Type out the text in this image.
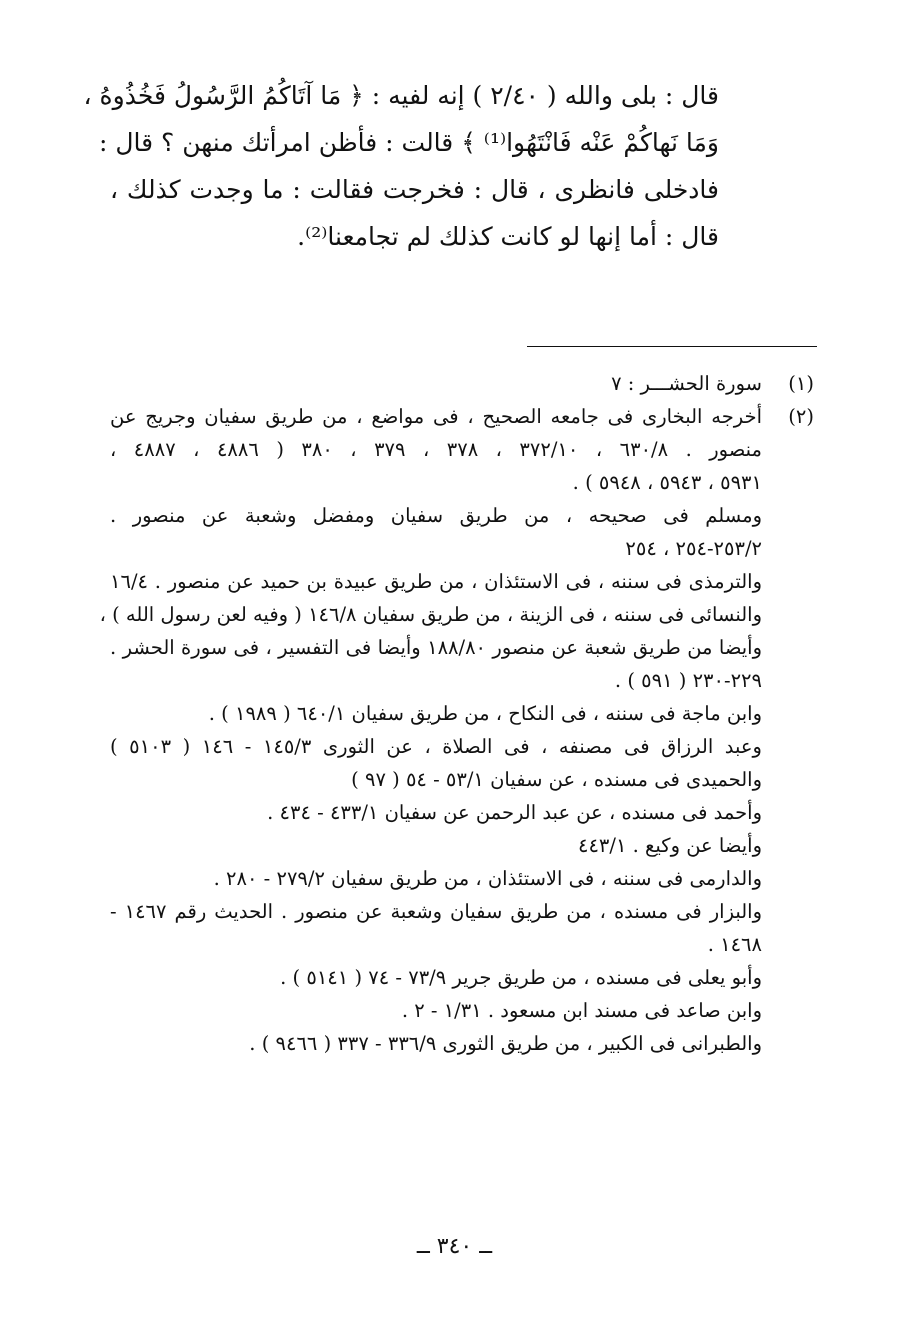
قال : بلى والله ( ٢/٤٠ ) إنه لفيه : ﴿ مَا آتَاكُمُ الرَّسُولُ فَخُذُوهُ ،
وَمَا نَهاكُمْ عَنْه فَانْتَهُوا⁽¹⁾ ﴾ قالت : فأظن امرأتك منهن ؟ قال :
فادخلى فانظرى ، قال : فخرجت فقالت : ما وجدت كذلك ،
قال : أما إنها لو كانت كذلك لم تجامعنا⁽²⁾.
(١)
سورة الحشـــر : ٧
(٢)
أخرجه البخارى فى جامعه الصحيح ، فى مواضع ، من طريق سفيان وجريج عن
منصور . ٦٣٠/٨ ، ٣٧٢/١٠ ، ٣٧٨ ، ٣٧٩ ، ٣٨٠ ( ٤٨٨٦ ، ٤٨٨٧ ،
٥٩٣١ ، ٥٩٤٣ ، ٥٩٤٨ ) .
ومسلم فى صحيحه ، من طريق سفيان ومفضل وشعبة عن منصور .
٢٥٣/٢-٢٥٤ ، ٢٥٤
والترمذى فى سننه ، فى الاستئذان ، من طريق عبيدة بن حميد عن منصور . ١٦/٤
والنسائى فى سننه ، فى الزينة ، من طريق سفيان ١٤٦/٨ ( وفيه لعن رسول الله ) ،
وأيضا من طريق شعبة عن منصور ١٨٨/٨٠ وأيضا فى التفسير ، فى سورة الحشر .
٢٢٩-٢٣٠ ( ٥٩١ ) .
وابن ماجة فى سننه ، فى النكاح ، من طريق سفيان ٦٤٠/١ ( ١٩٨٩ ) .
وعبد الرزاق فى مصنفه ، فى الصلاة ، عن الثورى ١٤٥/٣ - ١٤٦ ( ٥١٠٣ )
والحميدى فى مسنده ، عن سفيان ٥٣/١ - ٥٤ ( ٩٧ )
وأحمد فى مسنده ، عن عبد الرحمن عن سفيان ٤٣٣/١ - ٤٣٤ .
وأيضا عن وكيع . ٤٤٣/١
والدارمى فى سننه ، فى الاستئذان ، من طريق سفيان ٢٧٩/٢ - ٢٨٠ .
والبزار فى مسنده ، من طريق سفيان وشعبة عن منصور . الحديث رقم ١٤٦٧ -
١٤٦٨ .
وأبو يعلى فى مسنده ، من طريق جرير ٧٣/٩ - ٧٤ ( ٥١٤١ ) .
وابن صاعد فى مسند ابن مسعود . ١/٣١ - ٢ .
والطبرانى فى الكبير ، من طريق الثورى ٣٣٦/٩ - ٣٣٧ ( ٩٤٦٦ ) .
ــ ٣٤٠ ــ
